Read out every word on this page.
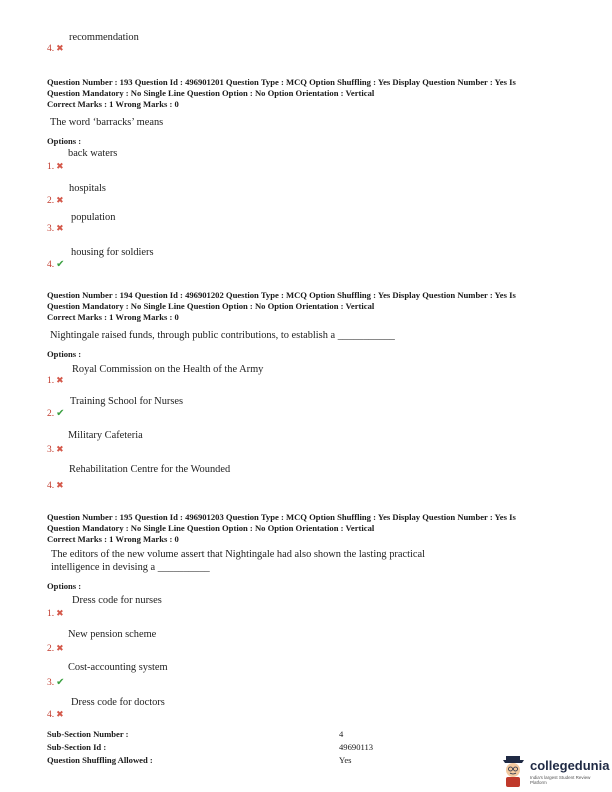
4. ✖
recommendation
Question Number : 193 Question Id : 496901201 Question Type : MCQ Option Shuffling : Yes Display Question Number : Yes Is
Question Mandatory : No Single Line Question Option : No Option Orientation : Vertical
Correct Marks : 1 Wrong Marks : 0
The word ‘barracks’ means
Options :
1. ✖
back waters
2. ✖
hospitals
3. ✖
population
4. ✔
housing for soldiers
Question Number : 194 Question Id : 496901202 Question Type : MCQ Option Shuffling : Yes Display Question Number : Yes Is
Question Mandatory : No Single Line Question Option : No Option Orientation : Vertical
Correct Marks : 1 Wrong Marks : 0
Nightingale raised funds, through public contributions, to establish a ___________
Options :
1. ✖
Royal Commission on the Health of the Army
2. ✔
Training School for Nurses
3. ✖
Military Cafeteria
4. ✖
Rehabilitation Centre for the Wounded
Question Number : 195 Question Id : 496901203 Question Type : MCQ Option Shuffling : Yes Display Question Number : Yes Is
Question Mandatory : No Single Line Question Option : No Option Orientation : Vertical
Correct Marks : 1 Wrong Marks : 0
The editors of the new volume assert that Nightingale had also shown the lasting practical
intelligence in devising a __________
Options :
1. ✖
Dress code for nurses
2. ✖
New pension scheme
3. ✔
Cost-accounting system
4. ✖
Dress code for doctors
Sub-Section Number :	4
Sub-Section Id :	49690113
Question Shuffling Allowed :	Yes	collegedunia
India's largest Student Review Platform
